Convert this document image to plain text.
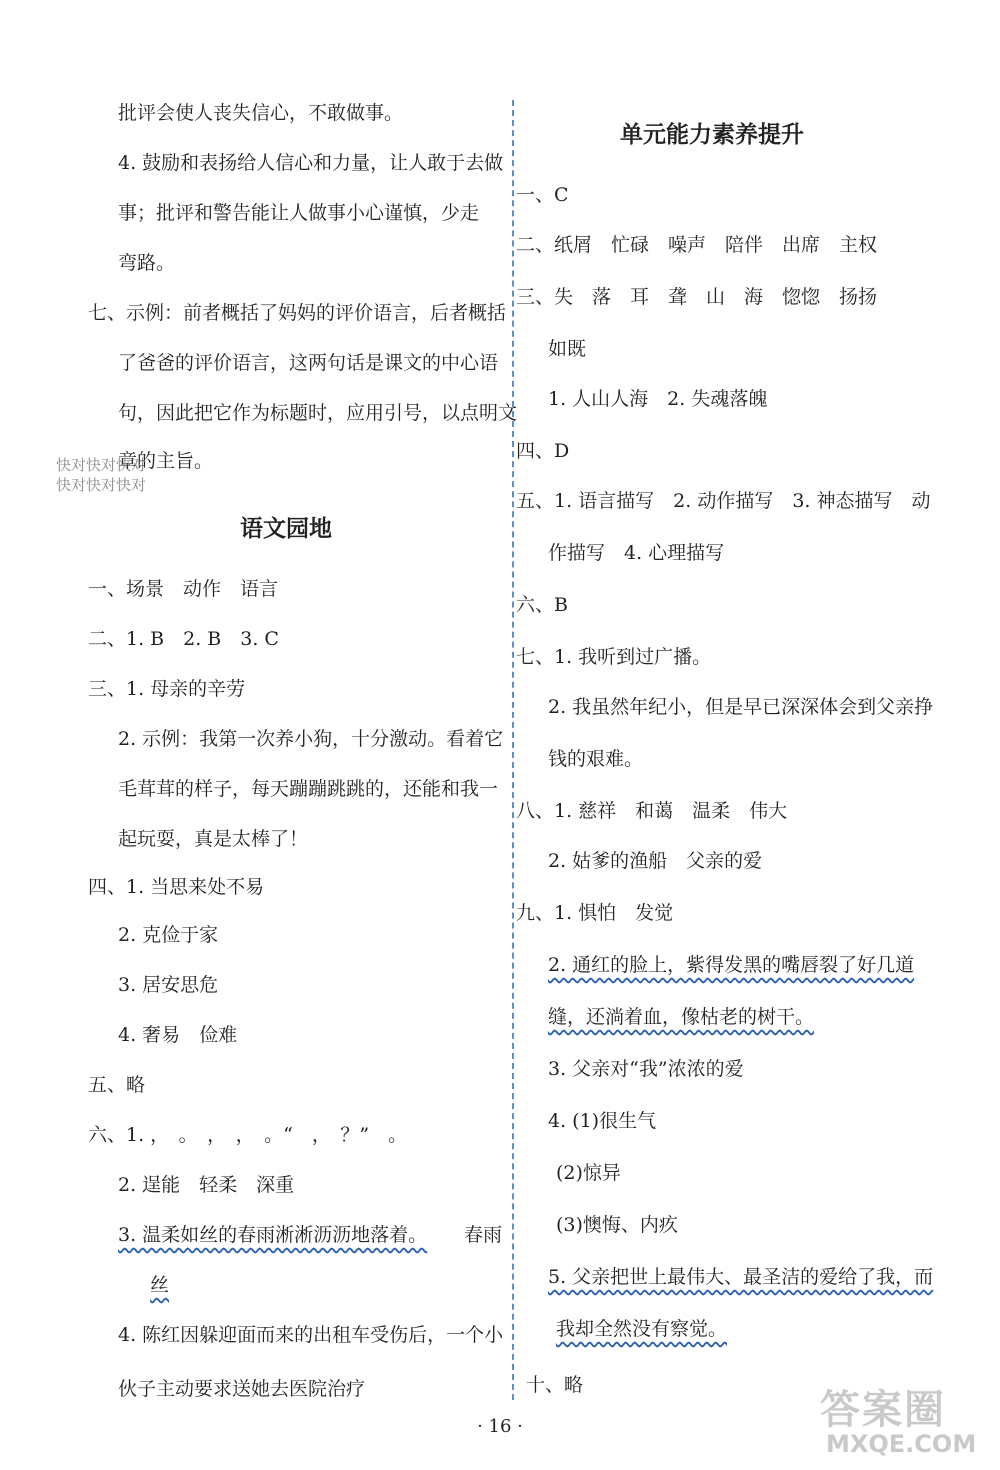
批评会使人丧失信心，不敢做事。
4. 鼓励和表扬给人信心和力量，让人敢于去做
事；批评和警告能让人做事小心谨慎，少走
弯路。
七、示例：前者概括了妈妈的评价语言，后者概括
了爸爸的评价语言，这两句话是课文的中心语
句，因此把它作为标题时，应用引号，以点明文
章的主旨。
快对快对快对
快对快对快对
语文园地
一、场景　动作　语言
二、1. B　2. B　3. C
三、1. 母亲的辛劳
2. 示例：我第一次养小狗，十分激动。看着它
毛茸茸的样子，每天蹦蹦跳跳的，还能和我一
起玩耍，真是太棒了！
四、1. 当思来处不易
2. 克俭于家
3. 居安思危
4. 奢易　俭难
五、略
六、1. ，　。　，　，　。“　，　？”　。
2. 逞能　轻柔　深重
3. 温柔如丝的春雨淅淅沥沥地落着。 春雨
丝
4. 陈红因躲迎面而来的出租车受伤后，一个小
伙子主动要求送她去医院治疗
单元能力素养提升
一、C
二、纸屑　忙碌　噪声　陪伴　出席　主权
三、失　落　耳　聋　山　海　惚惚　扬扬
如既
1. 人山人海　2. 失魂落魄
四、D
五、1. 语言描写　2. 动作描写　3. 神态描写　动
作描写　4. 心理描写
六、B
七、1. 我听到过广播。
2. 我虽然年纪小，但是早已深深体会到父亲挣
钱的艰难。
八、1. 慈祥　和蔼　温柔　伟大
2. 姑爹的渔船　父亲的爱
九、1. 惧怕　发觉
2. 通红的脸上，紫得发黑的嘴唇裂了好几道
缝，还淌着血，像枯老的树干。
3. 父亲对“我”浓浓的爱
4. (1)很生气
(2)惊异
(3)懊悔、内疚
5. 父亲把世上最伟大、最圣洁的爱给了我，而
我却全然没有察觉。
十、略
· 16 ·	答案圈
MXQE.COM
